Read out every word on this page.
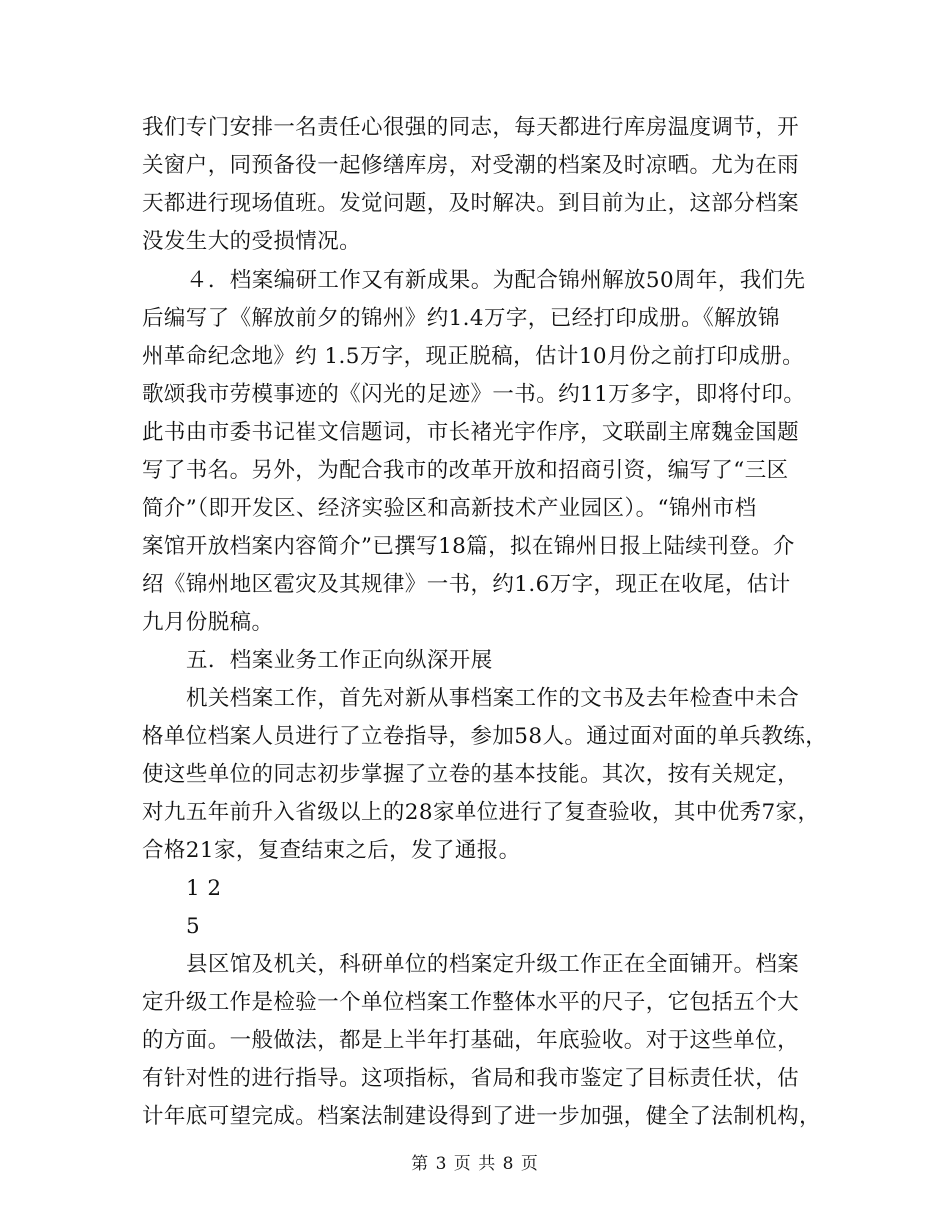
我们专门安排一名责任心很强的同志，每天都进行库房温度调节，开
关窗户，同预备役一起修缮库房，对受潮的档案及时凉晒。尤为在雨
天都进行现场值班。发觉问题，及时解决。到目前为止，这部分档案
没发生大的受损情况。
４．档案编研工作又有新成果。为配合锦州解放50周年，我们先
后编写了《解放前夕的锦州》约1.4万字，已经打印成册。《解放锦
州革命纪念地》约 1.5万字，现正脱稿，估计10月份之前打印成册。
歌颂我市劳模事迹的《闪光的足迹》一书。约11万多字，即将付印。
此书由市委书记崔文信题词，市长褚光宇作序，文联副主席魏金国题
写了书名。另外，为配合我市的改革开放和招商引资，编写了“三区
简介”（即开发区、经济实验区和高新技术产业园区）。“锦州市档
案馆开放档案内容简介”已撰写18篇，拟在锦州日报上陆续刊登。介
绍《锦州地区雹灾及其规律》一书，约1.6万字，现正在收尾，估计
九月份脱稿。
五．档案业务工作正向纵深开展
机关档案工作，首先对新从事档案工作的文书及去年检查中未合
格单位档案人员进行了立卷指导，参加58人。通过面对面的单兵教练，
使这些单位的同志初步掌握了立卷的基本技能。其次，按有关规定，
对九五年前升入省级以上的28家单位进行了复查验收，其中优秀7家，
合格21家，复查结束之后，发了通报。
1 2
5
县区馆及机关，科研单位的档案定升级工作正在全面铺开。档案
定升级工作是检验一个单位档案工作整体水平的尺子，它包括五个大
的方面。一般做法，都是上半年打基础，年底验收。对于这些单位，
有针对性的进行指导。这项指标，省局和我市鉴定了目标责任状，估
计年底可望完成。档案法制建设得到了进一步加强，健全了法制机构，
第 3 页 共 8 页
